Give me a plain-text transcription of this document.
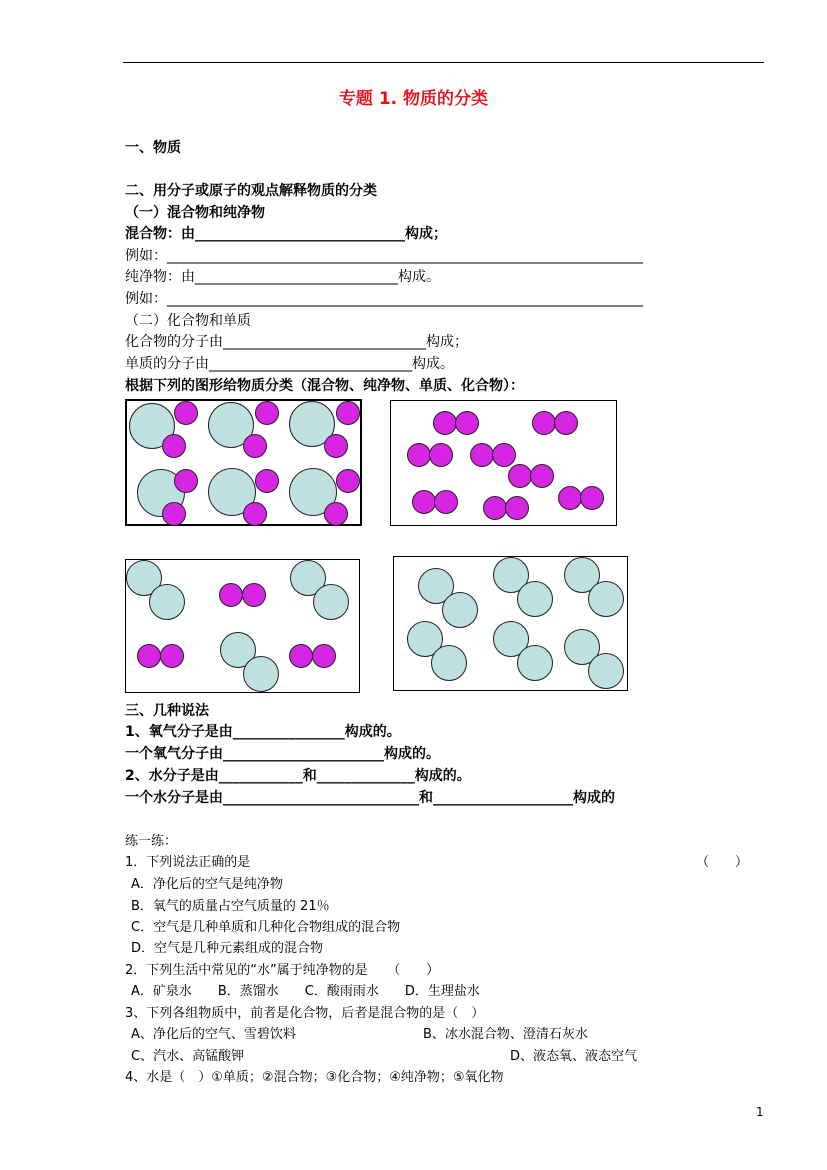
专题 1. 物质的分类
一、物质
二、用分子或原子的观点解释物质的分类
（一）混合物和纯净物
混合物：由______________________________构成；
例如：____________________________________________________________________
纯净物：由_____________________________构成。
例如：____________________________________________________________________
（二）化合物和单质
化合物的分子由_____________________________构成；
单质的分子由_____________________________构成。
根据下列的图形给物质分类（混合物、纯净物、单质、化合物）：
三、几种说法
1、氧气分子是由________________构成的。
一个氧气分子由_______________________构成的。
2、水分子是由____________和______________构成的。
一个水分子是由____________________________和____________________构成的
练一练：
1．下列说法正确的是	（　　）
A．净化后的空气是纯净物
B．氧气的质量占空气质量的 21％
C．空气是几种单质和几种化合物组成的混合物
D．空气是几种元素组成的混合物
2．下列生活中常见的“水”属于纯净物的是　　（　　）
A．矿泉水　　B．蒸馏水　　C．酸雨雨水　　D．生理盐水
3、下列各组物质中，前者是化合物，后者是混合物的是（　）
A、净化后的空气、雪碧饮料	B、冰水混合物、澄清石灰水
C、汽水、高锰酸钾	D、液态氧、液态空气
4、水是（　）①单质；②混合物；③化合物；④纯净物；⑤氧化物
1
